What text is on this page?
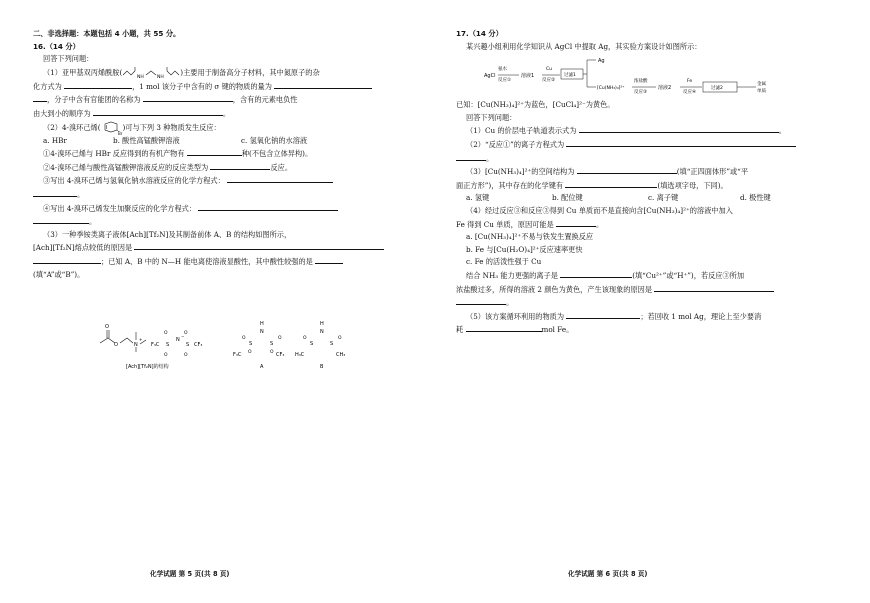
二、非选择题：本题包括 4 小题，共 55 分。

16.（14 分）

回答下列问题：

（1）亚甲基双丙烯酰胺(
NH	NH
)主要用于制备高分子材料，其中氮原子的杂

化方式为	，1 mol 该分子中含有的 σ 键的物质的量为

，分子中含有官能团的名称为	，含有的元素电负性

由大到小的顺序为	。

（2）4-溴环己烯(
Br
)可与下列 3 种物质发生反应：

a. HBr	b. 酸性高锰酸钾溶液	c. 氢氧化钠的水溶液

①4-溴环己烯与 HBr 反应得到的有机产物有	种(不包含立体异构)。

②4-溴环己烯与酸性高锰酸钾溶液反应的反应类型为	反应。

③写出 4-溴环己烯与氢氧化钠水溶液反应的化学方程式：

。

④写出 4-溴环己烯发生加聚反应的化学方程式：

。

（3）一种季铵类离子液体[Ach][Tf₂N]及其制备前体 A、B 的结构如图所示，

[Ach][Tf₂N]熔点较低的原因是

；已知 A、B 中的 N—H 能电离使溶液显酸性，其中酸性较强的是

(填“A”或“B”)。

O
O	N
+
F₃C S
O
O
N
−
S
O
O
CF₃
[Ach][Tf₂N]的结构
H
N
S	S
O	O
O	O
F₃C	CF₃
A
H
N
S	S
O	O
H₃C	CH₃
B

17.（14 分）

某兴趣小组利用化学知识从 AgCl 中提取 Ag，其实验方案设计如图所示：

AgCl
氨水
反应①
溶液1
Cu
反应②
过滤1
Ag
[Cu(NH₃)₄]²⁺
浓盐酸
反应③
溶液2
Fe
反应④
过滤2
金属
单质

已知：[Cu(NH₃)₄]²⁺为蓝色，[CuCl₄]²⁻为黄色。

回答下列问题：

（1）Cu 的价层电子轨道表示式为	。

（2）“反应①”的离子方程式为

。

（3）[Cu(NH₃)₄]²⁺的空间结构为	(填“正四面体形”或“平

面正方形”)，其中存在的化学键有	(填选项字母，下同)。

a. 氢键	b. 配位键	c. 离子键	d. 极性键

（4）经过反应③和反应③得到 Cu 单质而不是直接向含[Cu(NH₃)₄]²⁺的溶液中加入

Fe 得到 Cu 单质，原因可能是	。

a. [Cu(NH₃)₄]²⁺不易与铁发生置换反应

b. Fe 与[Cu(H₂O)₄]²⁺反应速率更快

c. Fe 的活泼性强于 Cu

结合 NH₃ 能力更强的离子是	(填“Cu²⁺”或“H⁺”)，若反应③所加

浓盐酸过多，所得的溶液 2 颜色为黄色，产生该现象的原因是

。

（5）该方案循环利用的物质为	；若回收 1 mol Ag，理论上至少要消

耗	mol Fe。

化学试题 第 5 页(共 8 页)	化学试题 第 6 页(共 8 页)
